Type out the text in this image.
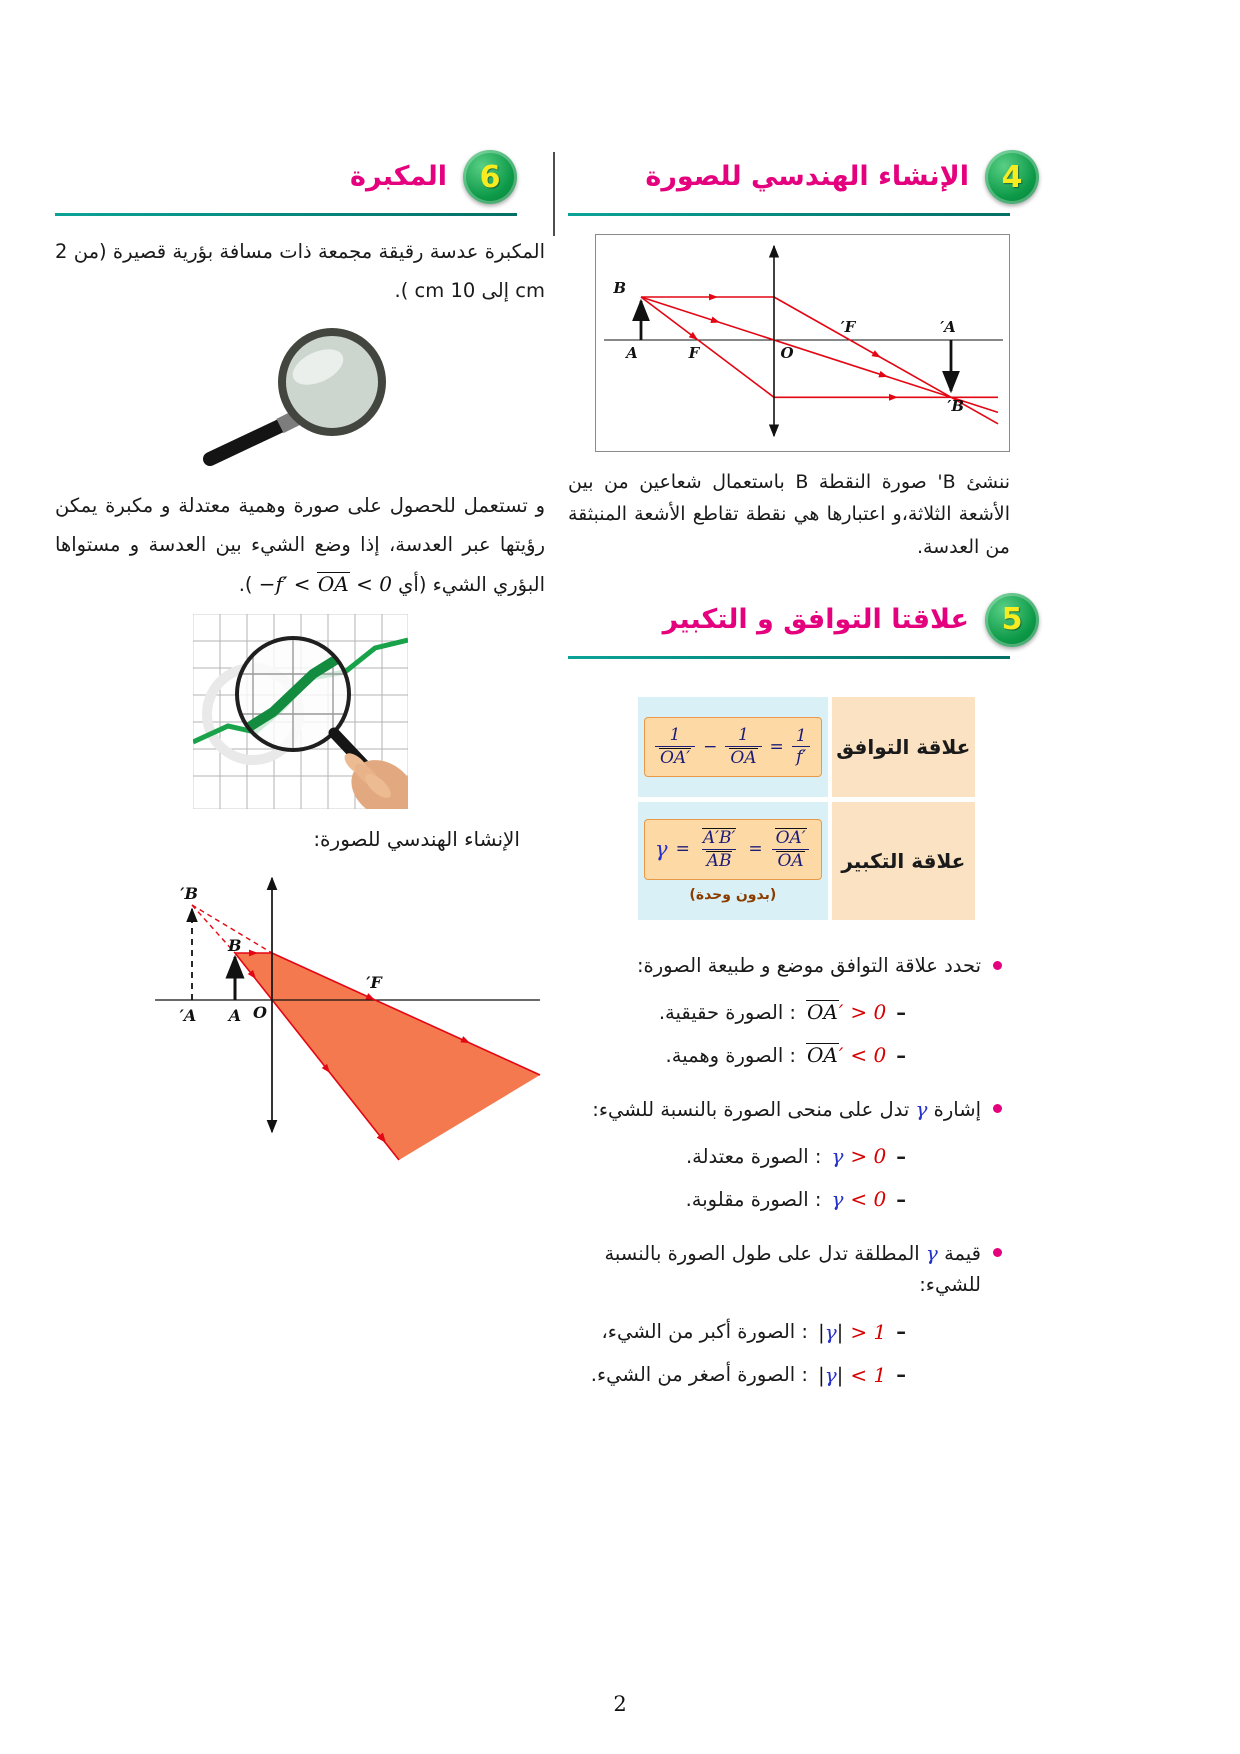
4
الإنشاء الهندسي للصورة
B
A	F	O
F′	A′
B′

ننشئ B' صورة النقطة B باستعمال شعاعين من بين الأشعة الثلاثة،و اعتبارها هي نقطة تقاطع الأشعة المنبثقة من العدسة.

5
علاقتا التوافق و التكبير
علاقة التوافق
$\frac{1}{OA'} - \frac{1}{OA} = \frac{1}{f'}$
علاقة التكبير
$\gamma = \frac{A'B'}{AB} = \frac{OA'}{OA}$
(بدون وحدة)
تحدد علاقة التوافق موضع و طبيعة الصورة:
–
OA′ > 0
: الصورة حقيقية.
–
OA′ < 0
: الصورة وهمية.
إشارة γ تدل على منحى الصورة بالنسبة للشيء:
–
γ > 0
: الصورة معتدلة.
–
γ < 0
: الصورة مقلوبة.
قيمة γ المطلقة تدل على طول الصورة بالنسبة للشيء:
–
|γ| > 1
: الصورة أكبر من الشيء،
–
|γ| < 1
: الصورة أصغر من الشيء.
6
المكبرة

المكبرة عدسة رقيقة مجمعة ذات مسافة بؤرية قصيرة (من 2 cm إلى 10 cm ).

و تستعمل للحصول على صورة وهمية معتدلة و مكبرة يمكن رؤيتها عبر العدسة، إذا وضع الشيء بين العدسة و مستواها البؤري الشيء (أي −f′ < OA < 0 ).

الإنشاء الهندسي للصورة:

B′
B
A′ A O
F′
2
